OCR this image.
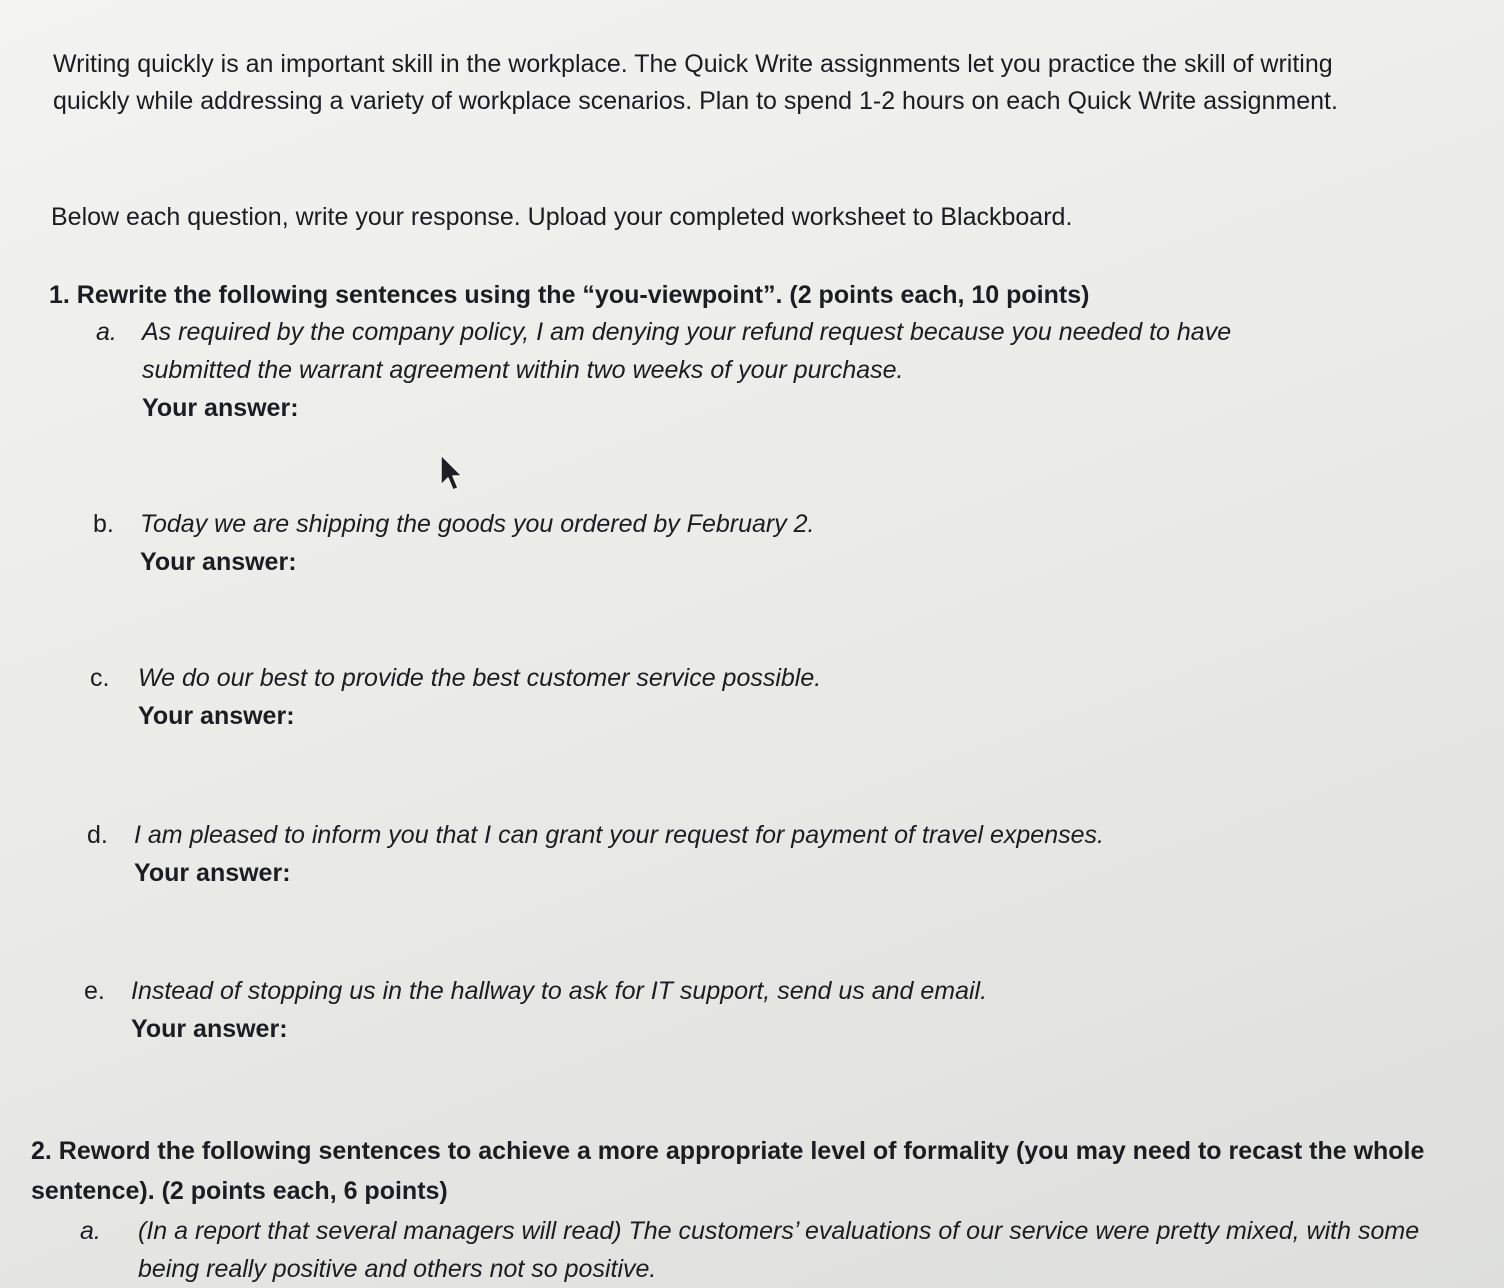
Writing quickly is an important skill in the workplace. The Quick Write assignments let you practice the skill of writing quickly while addressing a variety of workplace scenarios. Plan to spend 1-2 hours on each Quick Write assignment.

Below each question, write your response. Upload your completed worksheet to Blackboard.

1. Rewrite the following sentences using the “you-viewpoint”. (2 points each, 10 points)

a. As required by the company policy, I am denying your refund request because you needed to have submitted the warrant agreement within two weeks of your purchase.
Your answer:
b. Today we are shipping the goods you ordered by February 2.
Your answer:
c. We do our best to provide the best customer service possible.
Your answer:
d. I am pleased to inform you that I can grant your request for payment of travel expenses.
Your answer:
e. Instead of stopping us in the hallway to ask for IT support, send us and email.
Your answer:

2. Reword the following sentences to achieve a more appropriate level of formality (you may need to recast the whole sentence). (2 points each, 6 points)

a. (In a report that several managers will read) The customers’ evaluations of our service were pretty mixed, with some being really positive and others not so positive.
